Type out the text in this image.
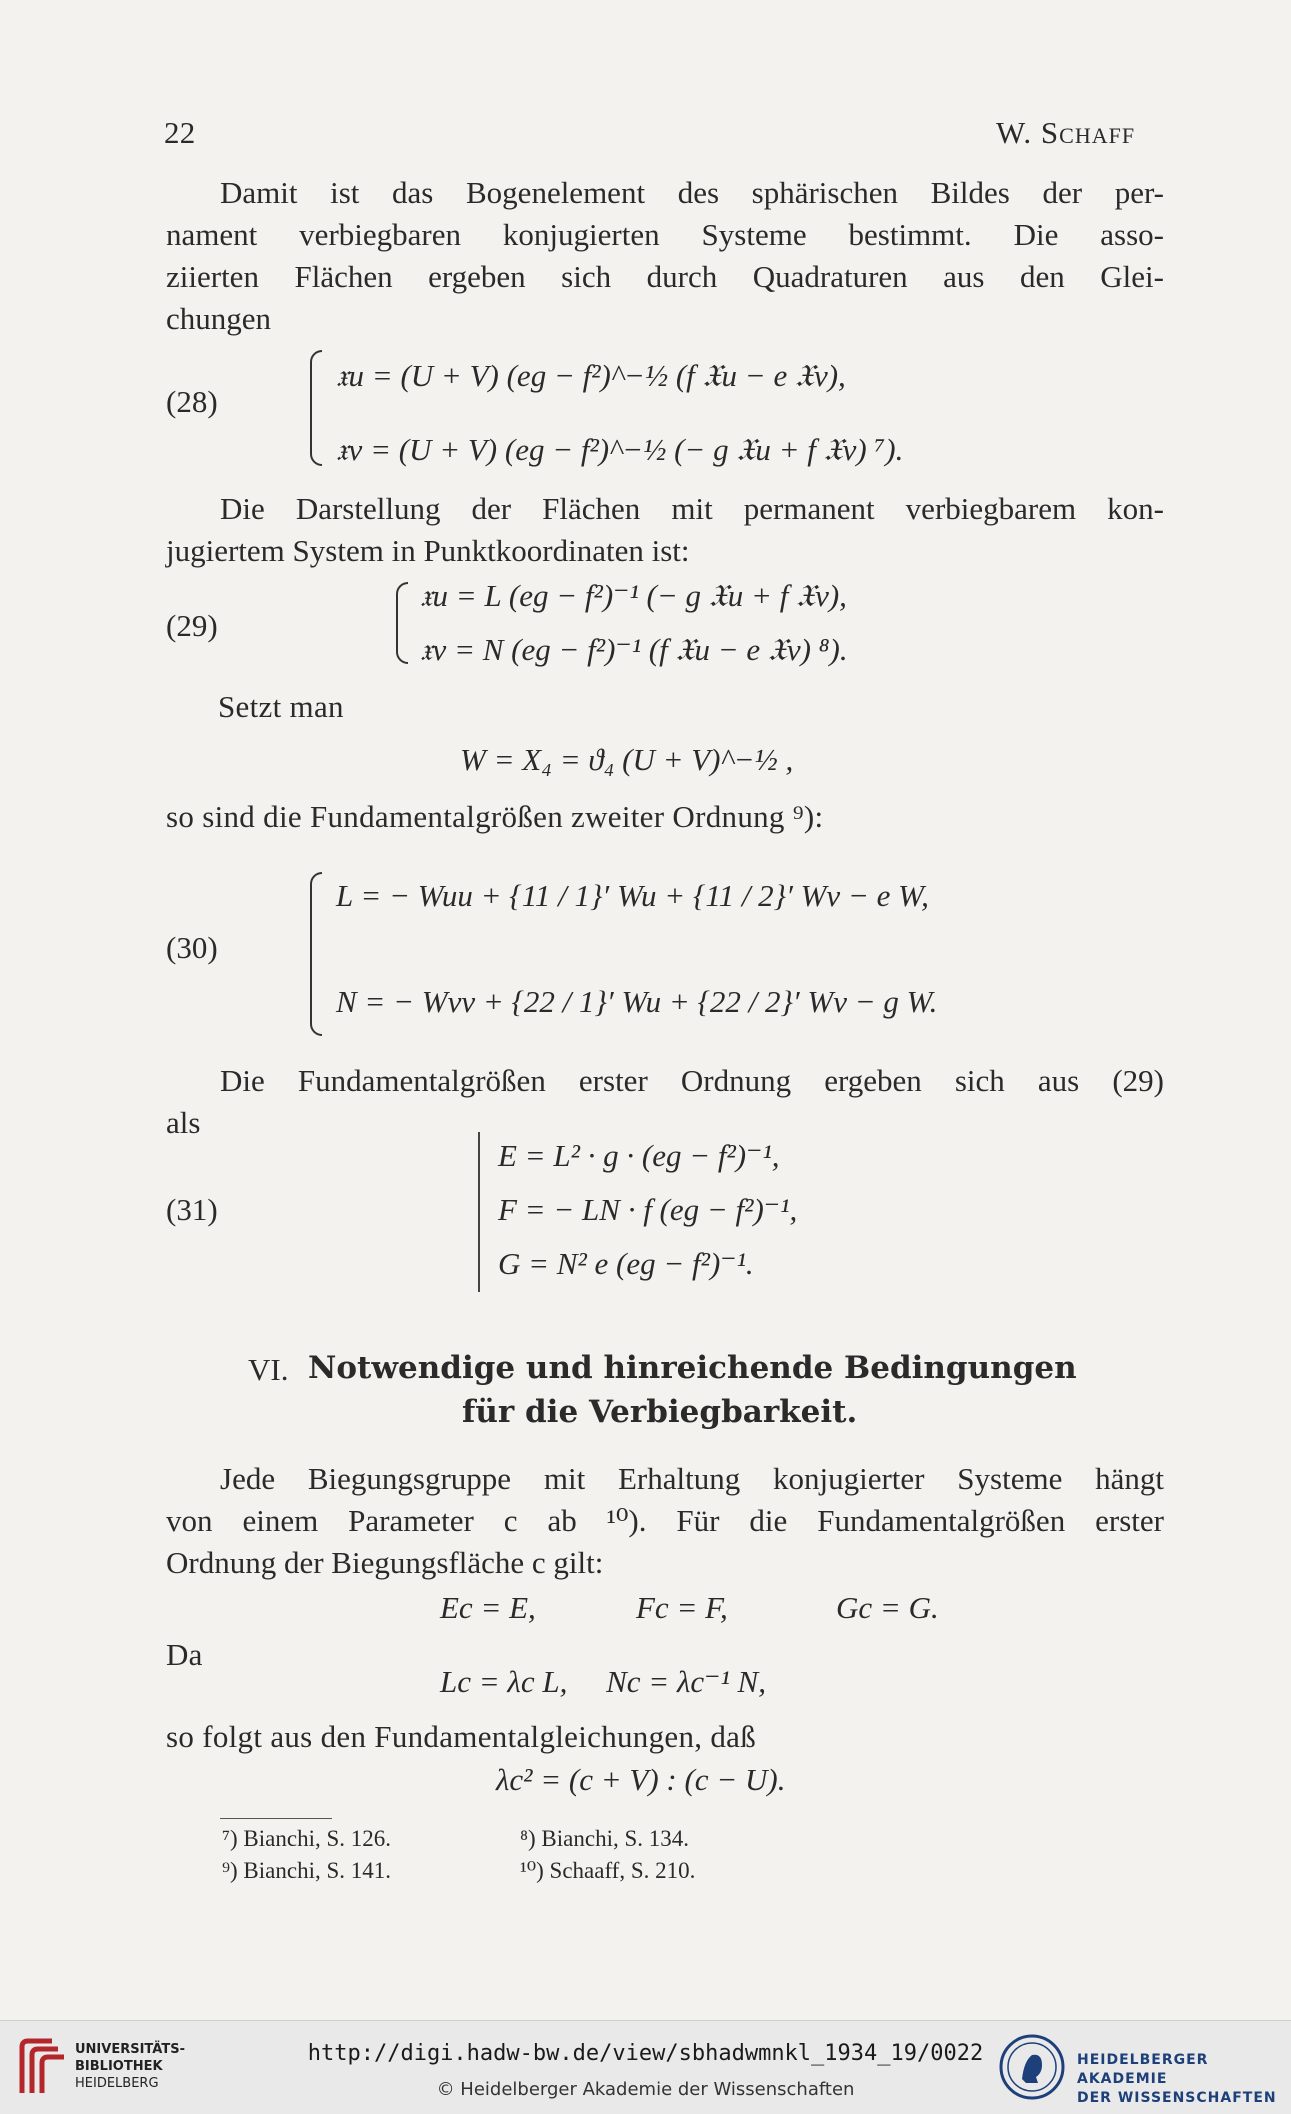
22	W. Schaff
Damit ist das Bogenelement des sphärischen Bildes der per-
nament verbiegbaren konjugierten Systeme bestimmt. Die asso-
ziierten Flächen ergeben sich durch Quadraturen aus den Glei-
chungen
(28)
𝔵u = (U + V) (eg − f²)^−½ (f 𝔛u − e 𝔛v),
𝔵v = (U + V) (eg − f²)^−½ (− g 𝔛u + f 𝔛v) ⁷).
Die Darstellung der Flächen mit permanent verbiegbarem kon-
jugiertem System in Punktkoordinaten ist:
(29)
𝔵u = L (eg − f²)⁻¹ (− g 𝔛u + f 𝔛v),
𝔵v = N (eg − f²)⁻¹ (f 𝔛u − e 𝔛v) ⁸).
Setzt man
W = X₄ = ϑ₄ (U + V)^−½ ,
so sind die Fundamentalgrößen zweiter Ordnung ⁹):
(30)
L = − Wuu + {11 / 1}′ Wu + {11 / 2}′ Wv − e W,
N = − Wvv + {22 / 1}′ Wu + {22 / 2}′ Wv − g W.
Die Fundamentalgrößen erster Ordnung ergeben sich aus (29)
als
(31)
E = L² · g · (eg − f²)⁻¹,
F = − LN · f (eg − f²)⁻¹,
G = N² e (eg − f²)⁻¹.
VI. Notwendige und hinreichende Bedingungen
für die Verbiegbarkeit.
Jede Biegungsgruppe mit Erhaltung konjugierter Systeme hängt
von einem Parameter c ab ¹⁰). Für die Fundamentalgrößen erster
Ordnung der Biegungsfläche c gilt:
Ec = E,	Fc = F,	Gc = G.
Da
Lc = λc L,     Nc = λc⁻¹ N,
so folgt aus den Fundamentalgleichungen, daß
λc² = (c + V) : (c − U).
⁷) Bianchi, S. 126.	⁸) Bianchi, S. 134.
⁹) Bianchi, S. 141.	¹⁰) Schaaff, S. 210.
UNIVERSITÄTS-
BIBLIOTHEK
HEIDELBERG
http://digi.hadw-bw.de/view/sbhadwmnkl_1934_19/0022
© Heidelberger Akademie der Wissenschaften
HEIDELBERGER AKADEMIE
DER WISSENSCHAFTEN
